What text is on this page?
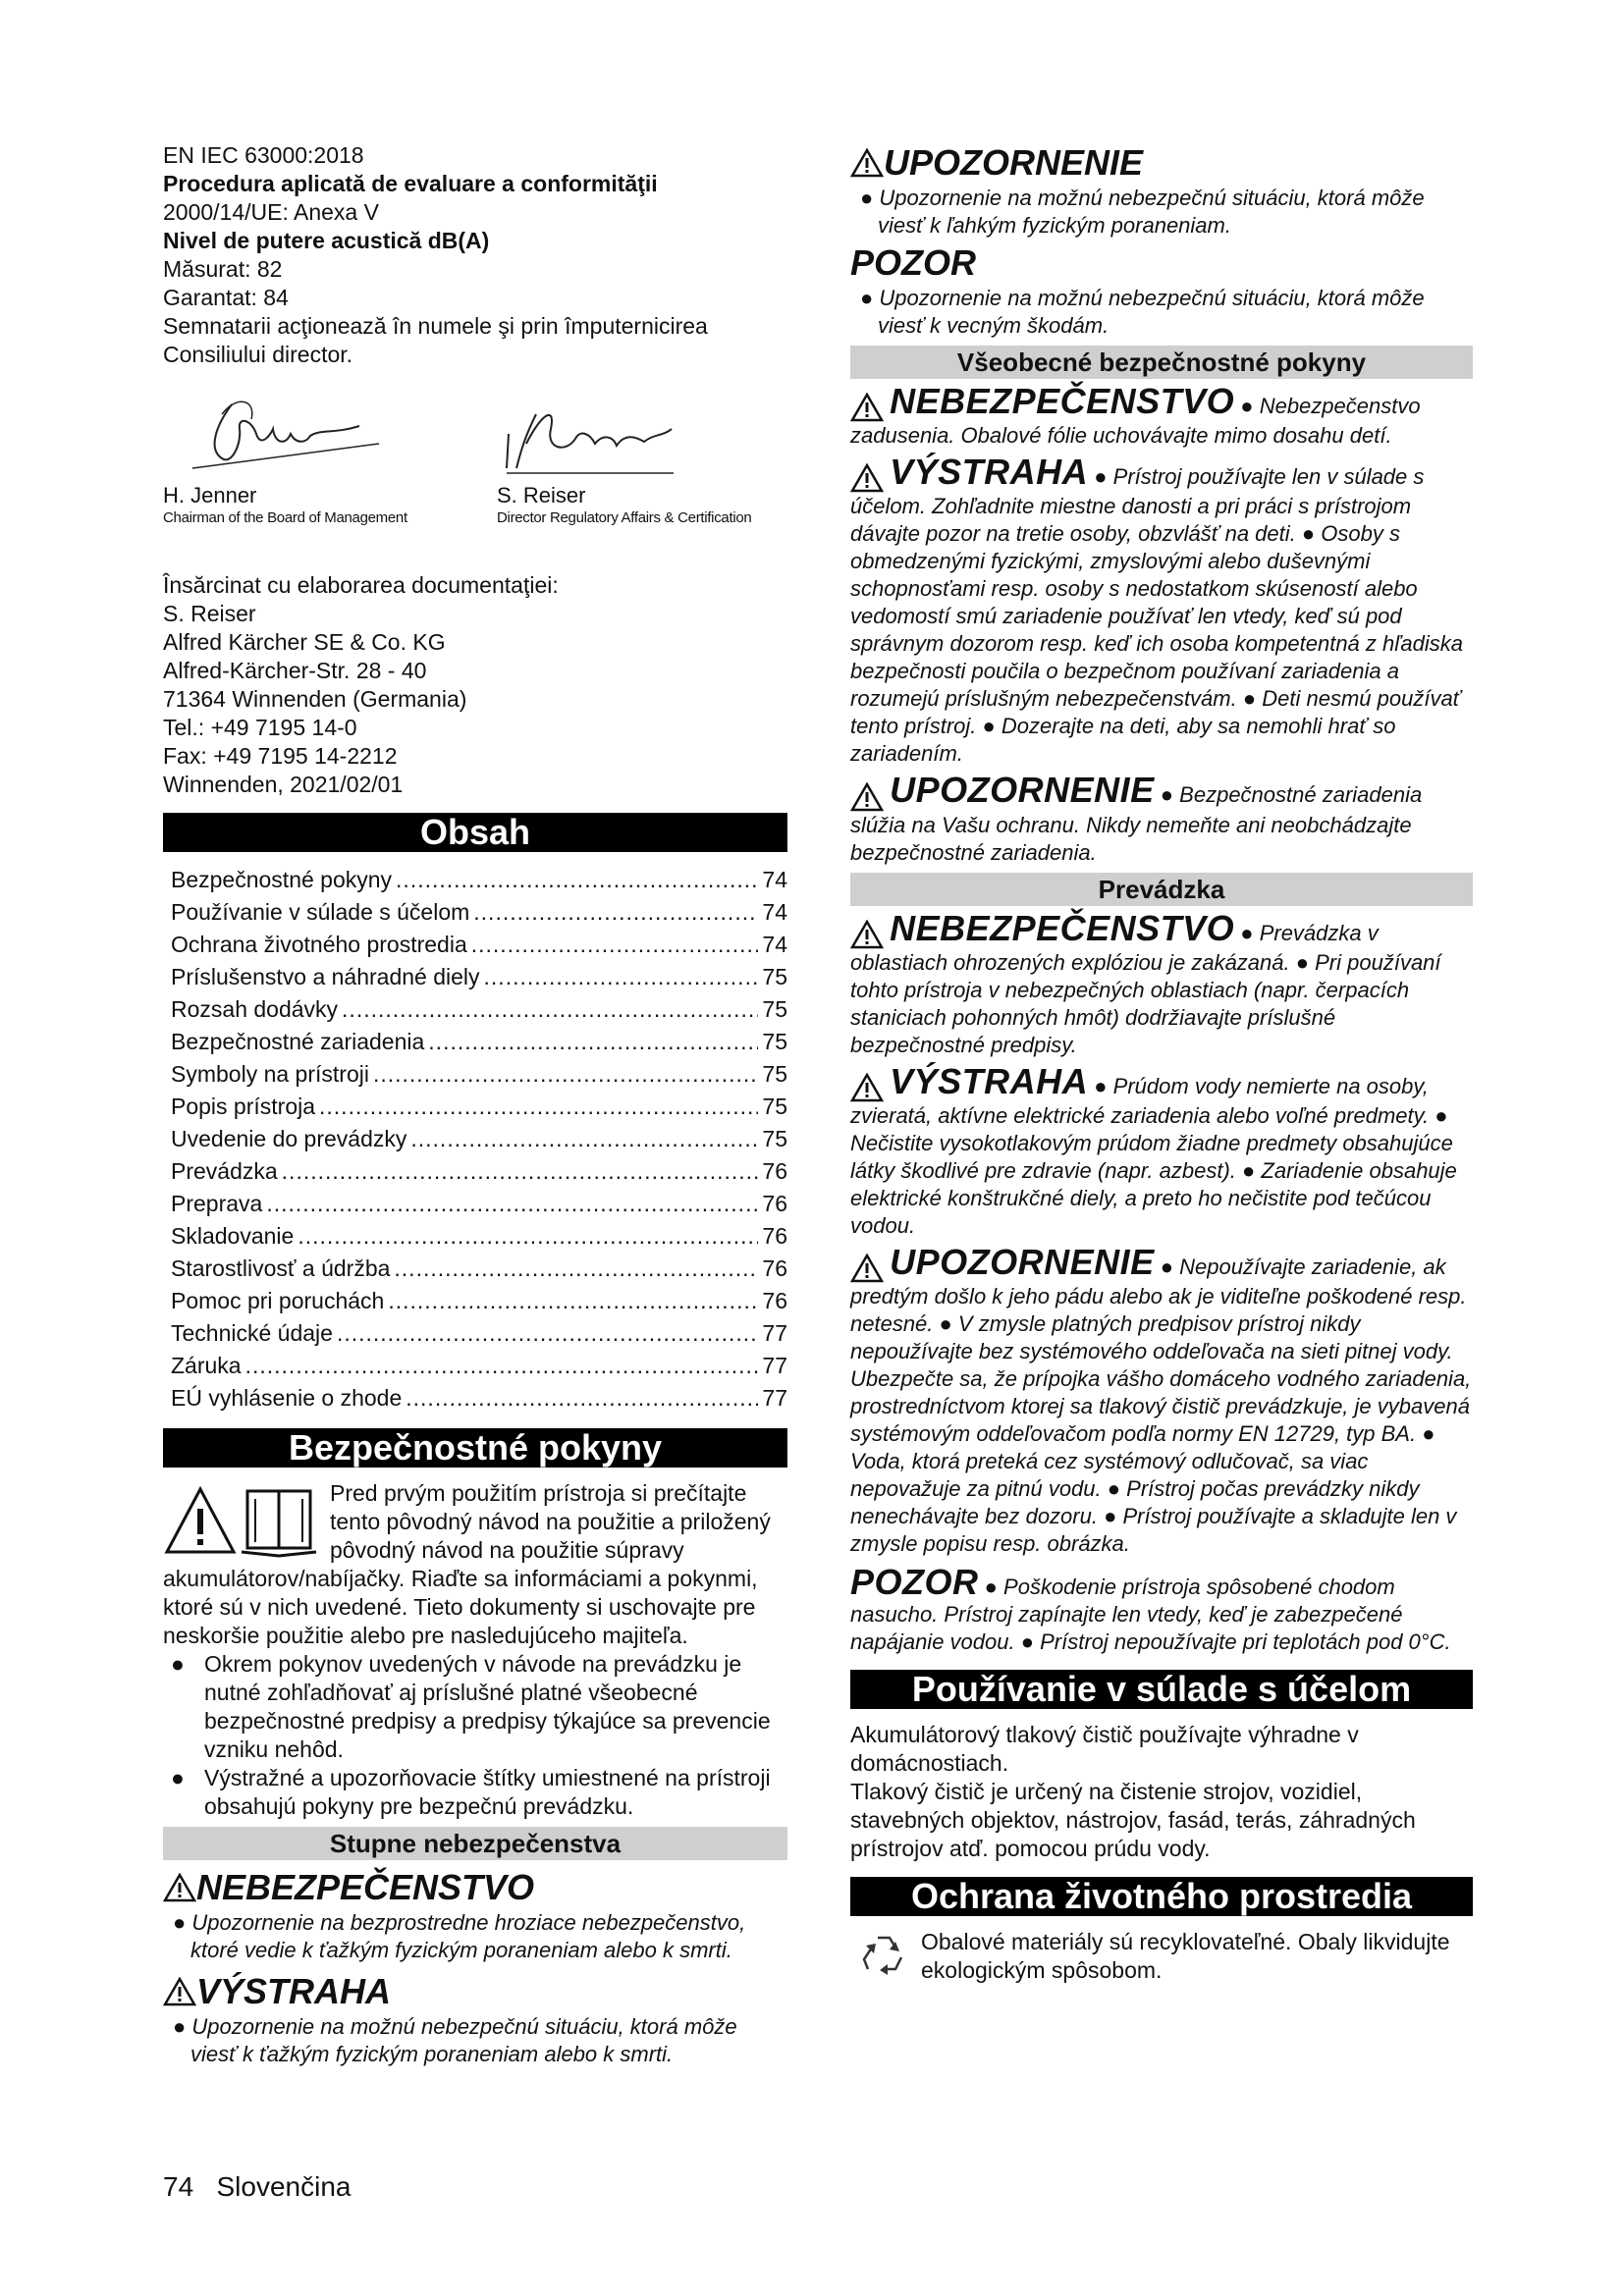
EN IEC 63000:2018

Procedura aplicată de evaluare a conformităţii

2000/14/UE: Anexa V

Nivel de putere acustică dB(A)

Măsurat: 82

Garantat: 84

Semnatarii acţionează în numele şi prin împuternicirea Consiliului director.

H. Jenner
Chairman of the Board of Management
S. Reiser
Director Regulatory Affairs & Certification

Însărcinat cu elaborarea documentaţiei:

S. Reiser

Alfred Kärcher SE & Co. KG

Alfred-Kärcher-Str. 28 - 40

71364 Winnenden (Germania)

Tel.: +49 7195 14-0

Fax: +49 7195 14-2212

Winnenden, 2021/02/01

Obsah
Bezpečnostné pokyny .....	74
Používanie v súlade s účelom .....	74
Ochrana životného prostredia .....	74
Príslušenstvo a náhradné diely .....	75
Rozsah dodávky .....	75
Bezpečnostné zariadenia .....	75
Symboly na prístroji .....	75
Popis prístroja .....	75
Uvedenie do prevádzky .....	75
Prevádzka .....	76
Preprava .....	76
Skladovanie .....	76
Starostlivosť a údržba .....	76
Pomoc pri poruchách .....	76
Technické údaje .....	77
Záruka .....	77
EÚ vyhlásenie o zhode .....	77
Bezpečnostné pokyny

Pred prvým použitím prístroja si prečítajte tento pôvodný návod na použitie a priložený pôvodný návod na použitie súpravy akumulátorov/nabíjačky. Riaďte sa informáciami a pokynmi, ktoré sú v nich uvedené. Tieto dokumenty si uschovajte pre neskoršie použitie alebo pre nasledujúceho majiteľa.

● Okrem pokynov uvedených v návode na prevádzku je nutné zohľadňovať aj príslušné platné všeobecné bezpečnostné predpisy a predpisy týkajúce sa prevencie vzniku nehôd.
● Výstražné a upozorňovacie štítky umiestnené na prístroji obsahujú pokyny pre bezpečnú prevádzku.
Stupne nebezpečenstva
NEBEZPEČENSTVO

● Upozornenie na bezprostredne hroziace nebezpečenstvo, ktoré vedie k ťažkým fyzickým poraneniam alebo k smrti.

VÝSTRAHA

● Upozornenie na možnú nebezpečnú situáciu, ktorá môže viesť k ťažkým fyzickým poraneniam alebo k smrti.

UPOZORNENIE

● Upozornenie na možnú nebezpečnú situáciu, ktorá môže viesť k ľahkým fyzickým poraneniam.

POZOR

● Upozornenie na možnú nebezpečnú situáciu, ktorá môže viesť k vecným škodám.

Všeobecné bezpečnostné pokyny

NEBEZPEČENSTVO ● Nebezpečenstvo zadusenia. Obalové fólie uchovávajte mimo dosahu detí.

VÝSTRAHA ● Prístroj používajte len v súlade s účelom. Zohľadnite miestne danosti a pri práci s prístrojom dávajte pozor na tretie osoby, obzvlášť na deti. ● Osoby s obmedzenými fyzickými, zmyslovými alebo duševnými schopnosťami resp. osoby s nedostatkom skúseností alebo vedomostí smú zariadenie používať len vtedy, keď sú pod správnym dozorom resp. keď ich osoba kompetentná z hľadiska bezpečnosti poučila o bezpečnom používaní zariadenia a rozumejú príslušným nebezpečenstvám. ● Deti nesmú používať tento prístroj. ● Dozerajte na deti, aby sa nemohli hrať so zariadením.

UPOZORNENIE ● Bezpečnostné zariadenia slúžia na Vašu ochranu. Nikdy nemeňte ani neobchádzajte bezpečnostné zariadenia.

Prevádzka

NEBEZPEČENSTVO ● Prevádzka v oblastiach ohrozených explóziou je zakázaná. ● Pri používaní tohto prístroja v nebezpečných oblastiach (napr. čerpacích staniciach pohonných hmôt) dodržiavajte príslušné bezpečnostné predpisy.

VÝSTRAHA ● Prúdom vody nemierte na osoby, zvieratá, aktívne elektrické zariadenia alebo voľné predmety. ● Nečistite vysokotlakovým prúdom žiadne predmety obsahujúce látky škodlivé pre zdravie (napr. azbest). ● Zariadenie obsahuje elektrické konštrukčné diely, a preto ho nečistite pod tečúcou vodou.

UPOZORNENIE ● Nepoužívajte zariadenie, ak predtým došlo k jeho pádu alebo ak je viditeľne poškodené resp. netesné. ● V zmysle platných predpisov prístroj nikdy nepoužívajte bez systémového oddeľovača na sieti pitnej vody. Ubezpečte sa, že prípojka vášho domáceho vodného zariadenia, prostredníctvom ktorej sa tlakový čistič prevádzkuje, je vybavená systémovým oddeľovačom podľa normy EN 12729, typ BA. ● Voda, ktorá preteká cez systémový odlučovač, sa viac nepovažuje za pitnú vodu. ● Prístroj počas prevádzky nikdy nenechávajte bez dozoru. ● Prístroj používajte a skladujte len v zmysle popisu resp. obrázka.

POZOR ● Poškodenie prístroja spôsobené chodom nasucho. Prístroj zapínajte len vtedy, keď je zabezpečené napájanie vodou. ● Prístroj nepoužívajte pri teplotách pod 0°C.

Používanie v súlade s účelom

Akumulátorový tlakový čistič používajte výhradne v domácnostiach.

Tlakový čistič je určený na čistenie strojov, vozidiel, stavebných objektov, nástrojov, fasád, terás, záhradných prístrojov atď. pomocou prúdu vody.

Ochrana životného prostredia

Obalové materiály sú recyklovateľné. Obaly likvidujte ekologickým spôsobom.

74 Slovenčina
